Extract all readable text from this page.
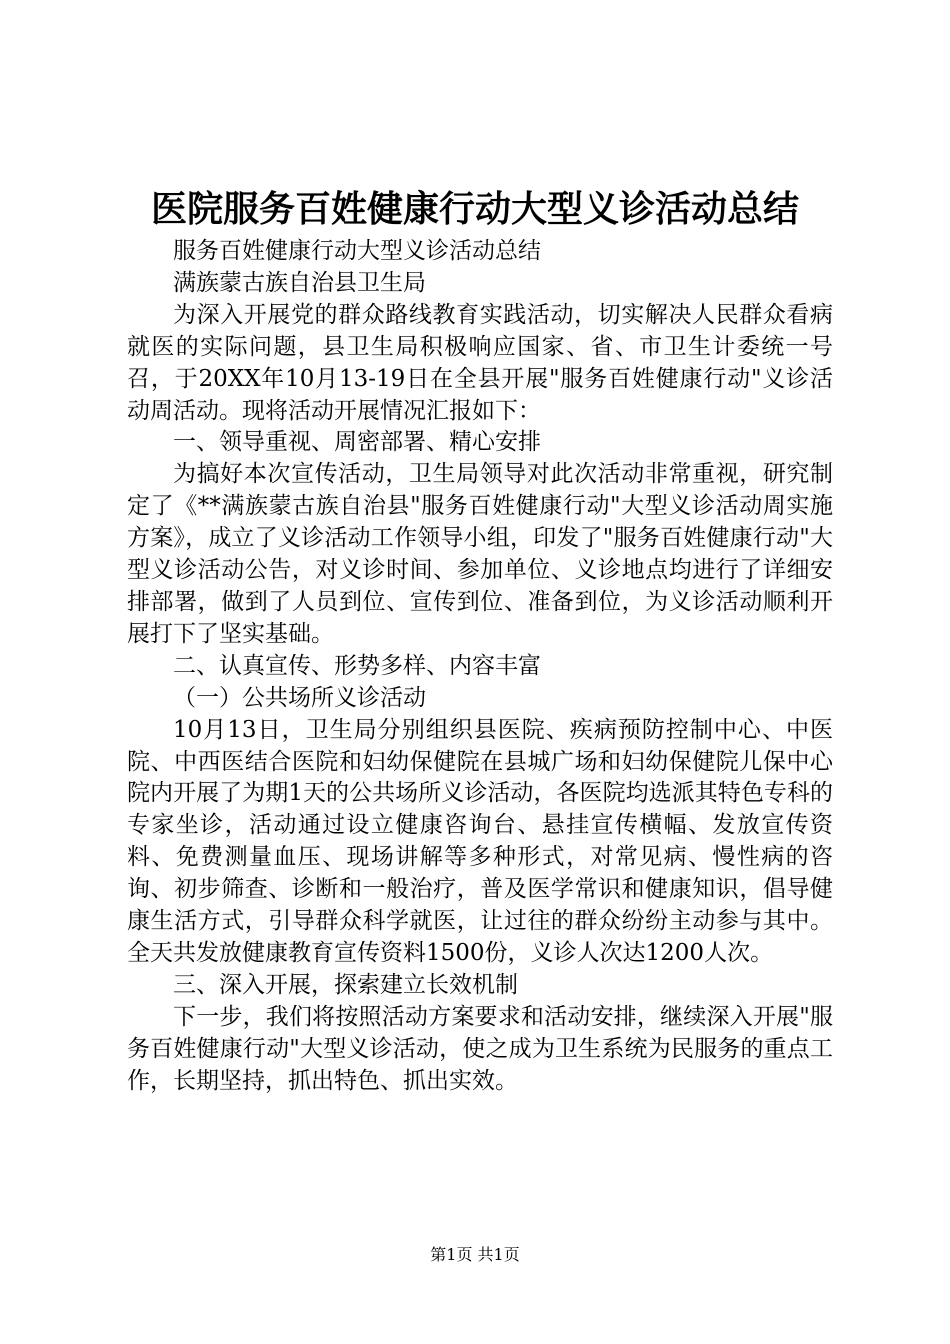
医院服务百姓健康行动大型义诊活动总结

服务百姓健康行动大型义诊活动总结

满族蒙古族自治县卫生局

为深入开展党的群众路线教育实践活动，切实解决人民群众看病就医的实际问题，县卫生局积极响应国家、省、市卫生计委统一号召，于20XX年10月13-19日在全县开展"服务百姓健康行动"义诊活动周活动。现将活动开展情况汇报如下：

一、领导重视、周密部署、精心安排

为搞好本次宣传活动，卫生局领导对此次活动非常重视，研究制定了《**满族蒙古族自治县"服务百姓健康行动"大型义诊活动周实施方案》，成立了义诊活动工作领导小组，印发了"服务百姓健康行动"大型义诊活动公告，对义诊时间、参加单位、义诊地点均进行了详细安排部署，做到了人员到位、宣传到位、准备到位，为义诊活动顺利开展打下了坚实基础。

二、认真宣传、形势多样、内容丰富

（一）公共场所义诊活动

10月13日，卫生局分别组织县医院、疾病预防控制中心、中医院、中西医结合医院和妇幼保健院在县城广场和妇幼保健院儿保中心院内开展了为期1天的公共场所义诊活动，各医院均选派其特色专科的专家坐诊，活动通过设立健康咨询台、悬挂宣传横幅、发放宣传资料、免费测量血压、现场讲解等多种形式，对常见病、慢性病的咨询、初步筛查、诊断和一般治疗，普及医学常识和健康知识，倡导健康生活方式，引导群众科学就医，让过往的群众纷纷主动参与其中。全天共发放健康教育宣传资料1500份，义诊人次达1200人次。

三、深入开展，探索建立长效机制

下一步，我们将按照活动方案要求和活动安排，继续深入开展"服务百姓健康行动"大型义诊活动，使之成为卫生系统为民服务的重点工作，长期坚持，抓出特色、抓出实效。

第1页 共1页
